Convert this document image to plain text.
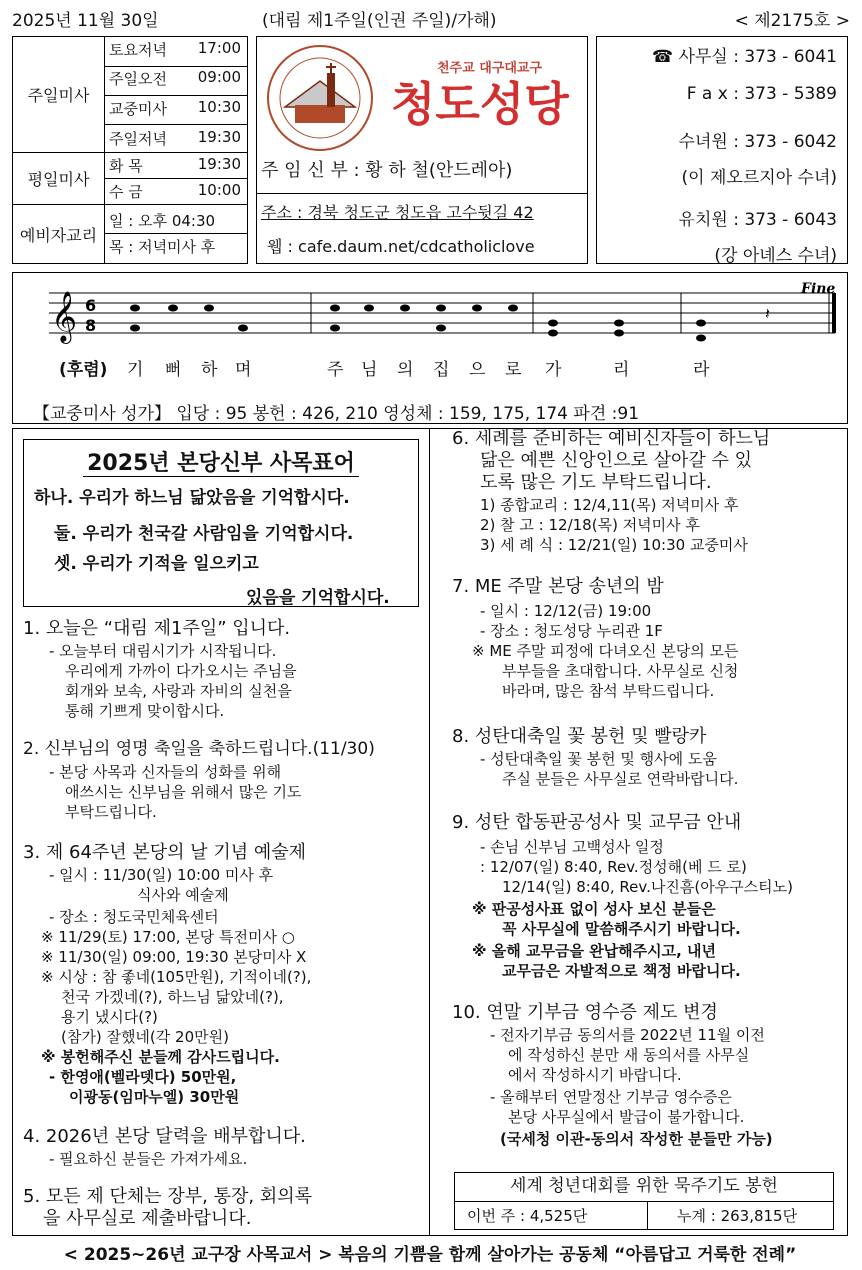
2025년 11월 30일	(대림 제1주일(인권 주일)/가해)	< 제2175호 >
주일미사
토요저녁 17:00
주일오전 09:00
교중미사 10:30
주일저녁 19:30
평일미사
화 목	19:30
수 금	10:00
예비자교리
일 : 오후 04:30
목 : 저녁미사 후
천주교 대구대교구
청도성당
주 임 신 부 : 황 하 철(안드레아)
주소 : 경북 청도군 청도읍 고수뒷길 42
웹 : cafe.daum.net/cdcatholiclove
☎ 사무실 : 373 - 6041
F a x : 373 - 5389
수녀원 : 373 - 6042
(이 제오르지아 수녀)
유치원 : 373 - 6043
(강 아녜스 수녀)
𝄞 6
8
𝄽
Fine
(후렴) 기 뻐 하 며	주 님 의 집 으 로 가	리	라
【교중미사 성가】 입당 : 95 봉헌 : 426, 210 영성체 : 159, 175, 174 파견 :91
2025년 본당신부 사목표어
하나. 우리가 하느님 닮았음을 기억합시다.
둘. 우리가 천국갈 사람임을 기억합시다.
셋. 우리가 기적을 일으키고
있음을 기억합시다.
1. 오늘은 “대림 제1주일” 입니다.
- 오늘부터 대림시기가 시작됩니다.
우리에게 가까이 다가오시는 주님을
회개와 보속, 사랑과 자비의 실천을
통해 기쁘게 맞이합시다.
2. 신부님의 영명 축일을 축하드립니다.(11/30)
- 본당 사목과 신자들의 성화를 위해
애쓰시는 신부님을 위해서 많은 기도
부탁드립니다.
3. 제 64주년 본당의 날 기념 예술제
- 일시 : 11/30(일) 10:00 미사 후
식사와 예술제
- 장소 : 청도국민체육센터
※ 11/29(토) 17:00, 본당 특전미사 ○
※ 11/30(일) 09:00, 19:30 본당미사 X
※ 시상 : 참 좋네(105만원), 기적이네(?),
천국 가겠네(?), 하느님 닮았네(?),
용기 냈시다(?)
(참가) 잘했네(각 20만원)
※ 봉헌해주신 분들께 감사드립니다.
- 한영애(벨라뎃다) 50만원,
이광동(임마누엘) 30만원
4. 2026년 본당 달력을 배부합니다.
- 필요하신 분들은 가져가세요.
5. 모든 제 단체는 장부, 통장, 회의록
을 사무실로 제출바랍니다.
6. 세례를 준비하는 예비신자들이 하느님
닮은 예쁜 신앙인으로 살아갈 수 있
도록 많은 기도 부탁드립니다.
1) 종합교리 : 12/4,11(목) 저녁미사 후
2) 찰 고 : 12/18(목) 저녁미사 후
3) 세 례 식 : 12/21(일) 10:30 교중미사
7. ME 주말 본당 송년의 밤
- 일시 : 12/12(금) 19:00
- 장소 : 청도성당 누리관 1F
※ ME 주말 피정에 다녀오신 본당의 모든
부부들을 초대합니다. 사무실로 신청
바라며, 많은 참석 부탁드립니다.
8. 성탄대축일 꽃 봉헌 및 빨랑카
- 성탄대축일 꽃 봉헌 및 행사에 도움
주실 분들은 사무실로 연락바랍니다.
9. 성탄 합동판공성사 및 교무금 안내
- 손님 신부님 고백성사 일정
: 12/07(일) 8:40, Rev.정성해(베 드 로)
12/14(일) 8:40, Rev.나진흠(아우구스티노)
※ 판공성사표 없이 성사 보신 분들은
꼭 사무실에 말씀해주시기 바랍니다.
※ 올해 교무금을 완납해주시고, 내년
교무금은 자발적으로 책정 바랍니다.
10. 연말 기부금 영수증 제도 변경
- 전자기부금 동의서를 2022년 11월 이전
에 작성하신 분만 새 동의서를 사무실
에서 작성하시기 바랍니다.
- 올해부터 연말정산 기부금 영수증은
본당 사무실에서 발급이 불가합니다.
(국세청 이관-동의서 작성한 분들만 가능)
세계 청년대회를 위한 묵주기도 봉헌
이번 주 : 4,525단	누계 : 263,815단
< 2025~26년 교구장 사목교서 > 복음의 기쁨을 함께 살아가는 공동체 “아름답고 거룩한 전례”
